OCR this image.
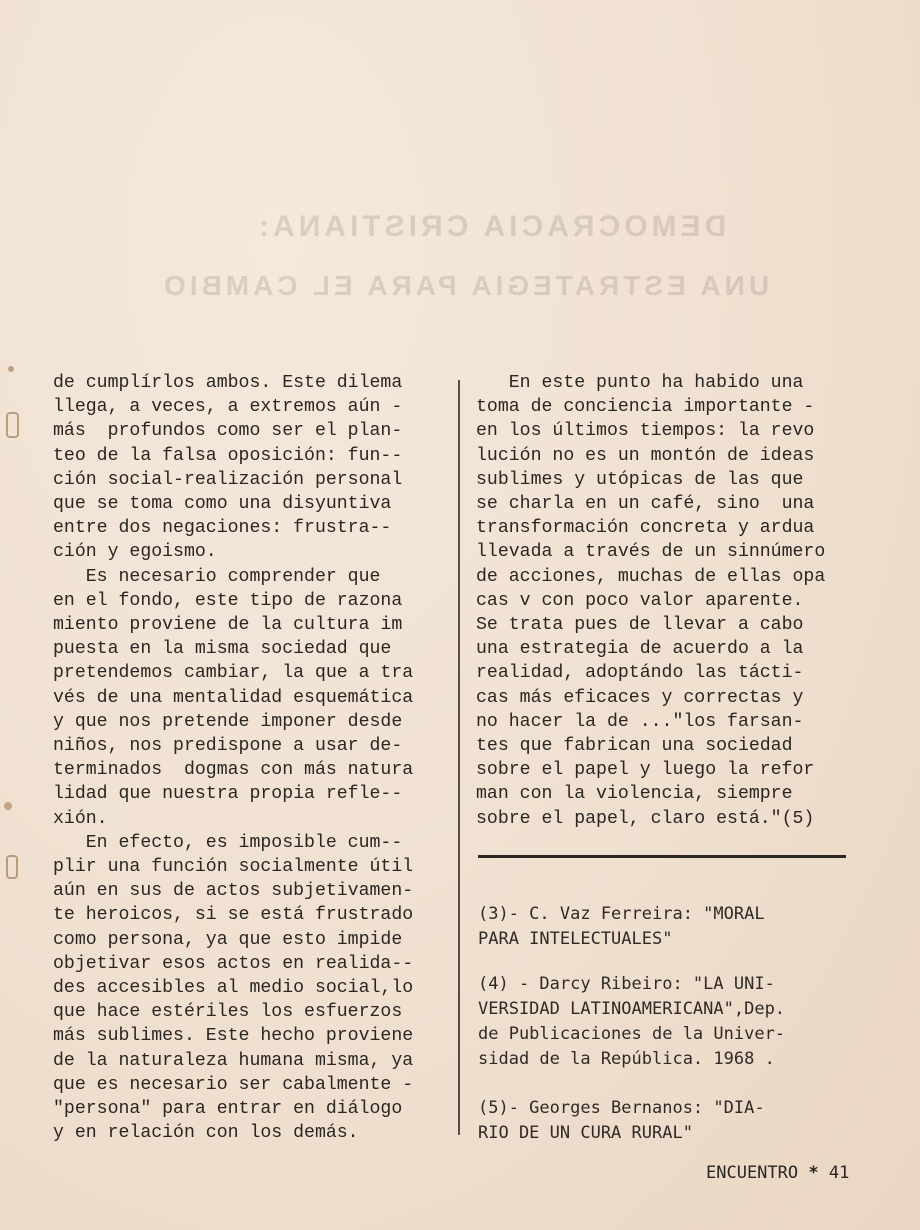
DEMOCRACIA CRISTIANA:
UNA ESTRATEGIA PARA EL CAMBIO

de cumplírlos ambos. Este dilema
llega, a veces, a extremos aún -
más  profundos como ser el plan-
teo de la falsa oposición: fun--
ción social-realización personal
que se toma como una disyuntiva
entre dos negaciones: frustra--
ción y egoismo.
Es necesario comprender que
en el fondo, este tipo de razona
miento proviene de la cultura im
puesta en la misma sociedad que
pretendemos cambiar, la que a tra
vés de una mentalidad esquemática
y que nos pretende imponer desde
niños, nos predispone a usar de-
terminados  dogmas con más natura
lidad que nuestra propia refle--
xión.
En efecto, es imposible cum--
plir una función socialmente útil
aún en sus de actos subjetivamen-
te heroicos, si se está frustrado
como persona, ya que esto impide
objetivar esos actos en realida--
des accesibles al medio social,lo
que hace estériles los esfuerzos
más sublimes. Este hecho proviene
de la naturaleza humana misma, ya
que es necesario ser cabalmente -
"persona" para entrar en diálogo
y en relación con los demás.

En este punto ha habido una
toma de conciencia importante -
en los últimos tiempos: la revo
lución no es un montón de ideas
sublimes y utópicas de las que
se charla en un café, sino  una
transformación concreta y ardua
llevada a través de un sinnúmero
de acciones, muchas de ellas opa
cas v con poco valor aparente.
Se trata pues de llevar a cabo
una estrategia de acuerdo a la
realidad, adoptándo las tácti-
cas más eficaces y correctas y
no hacer la de ..."los farsan-
tes que fabrican una sociedad
sobre el papel y luego la refor
man con la violencia, siempre
sobre el papel, claro está."(5)

(3)- C. Vaz Ferreira: "MORAL
PARA INTELECTUALES"
(4) - Darcy Ribeiro: "LA UNI-
VERSIDAD LATINOAMERICANA",Dep.
de Publicaciones de la Univer-
sidad de la República. 1968 .
(5)- Georges Bernanos: "DIA-
RIO DE UN CURA RURAL"
ENCUENTRO * 41
